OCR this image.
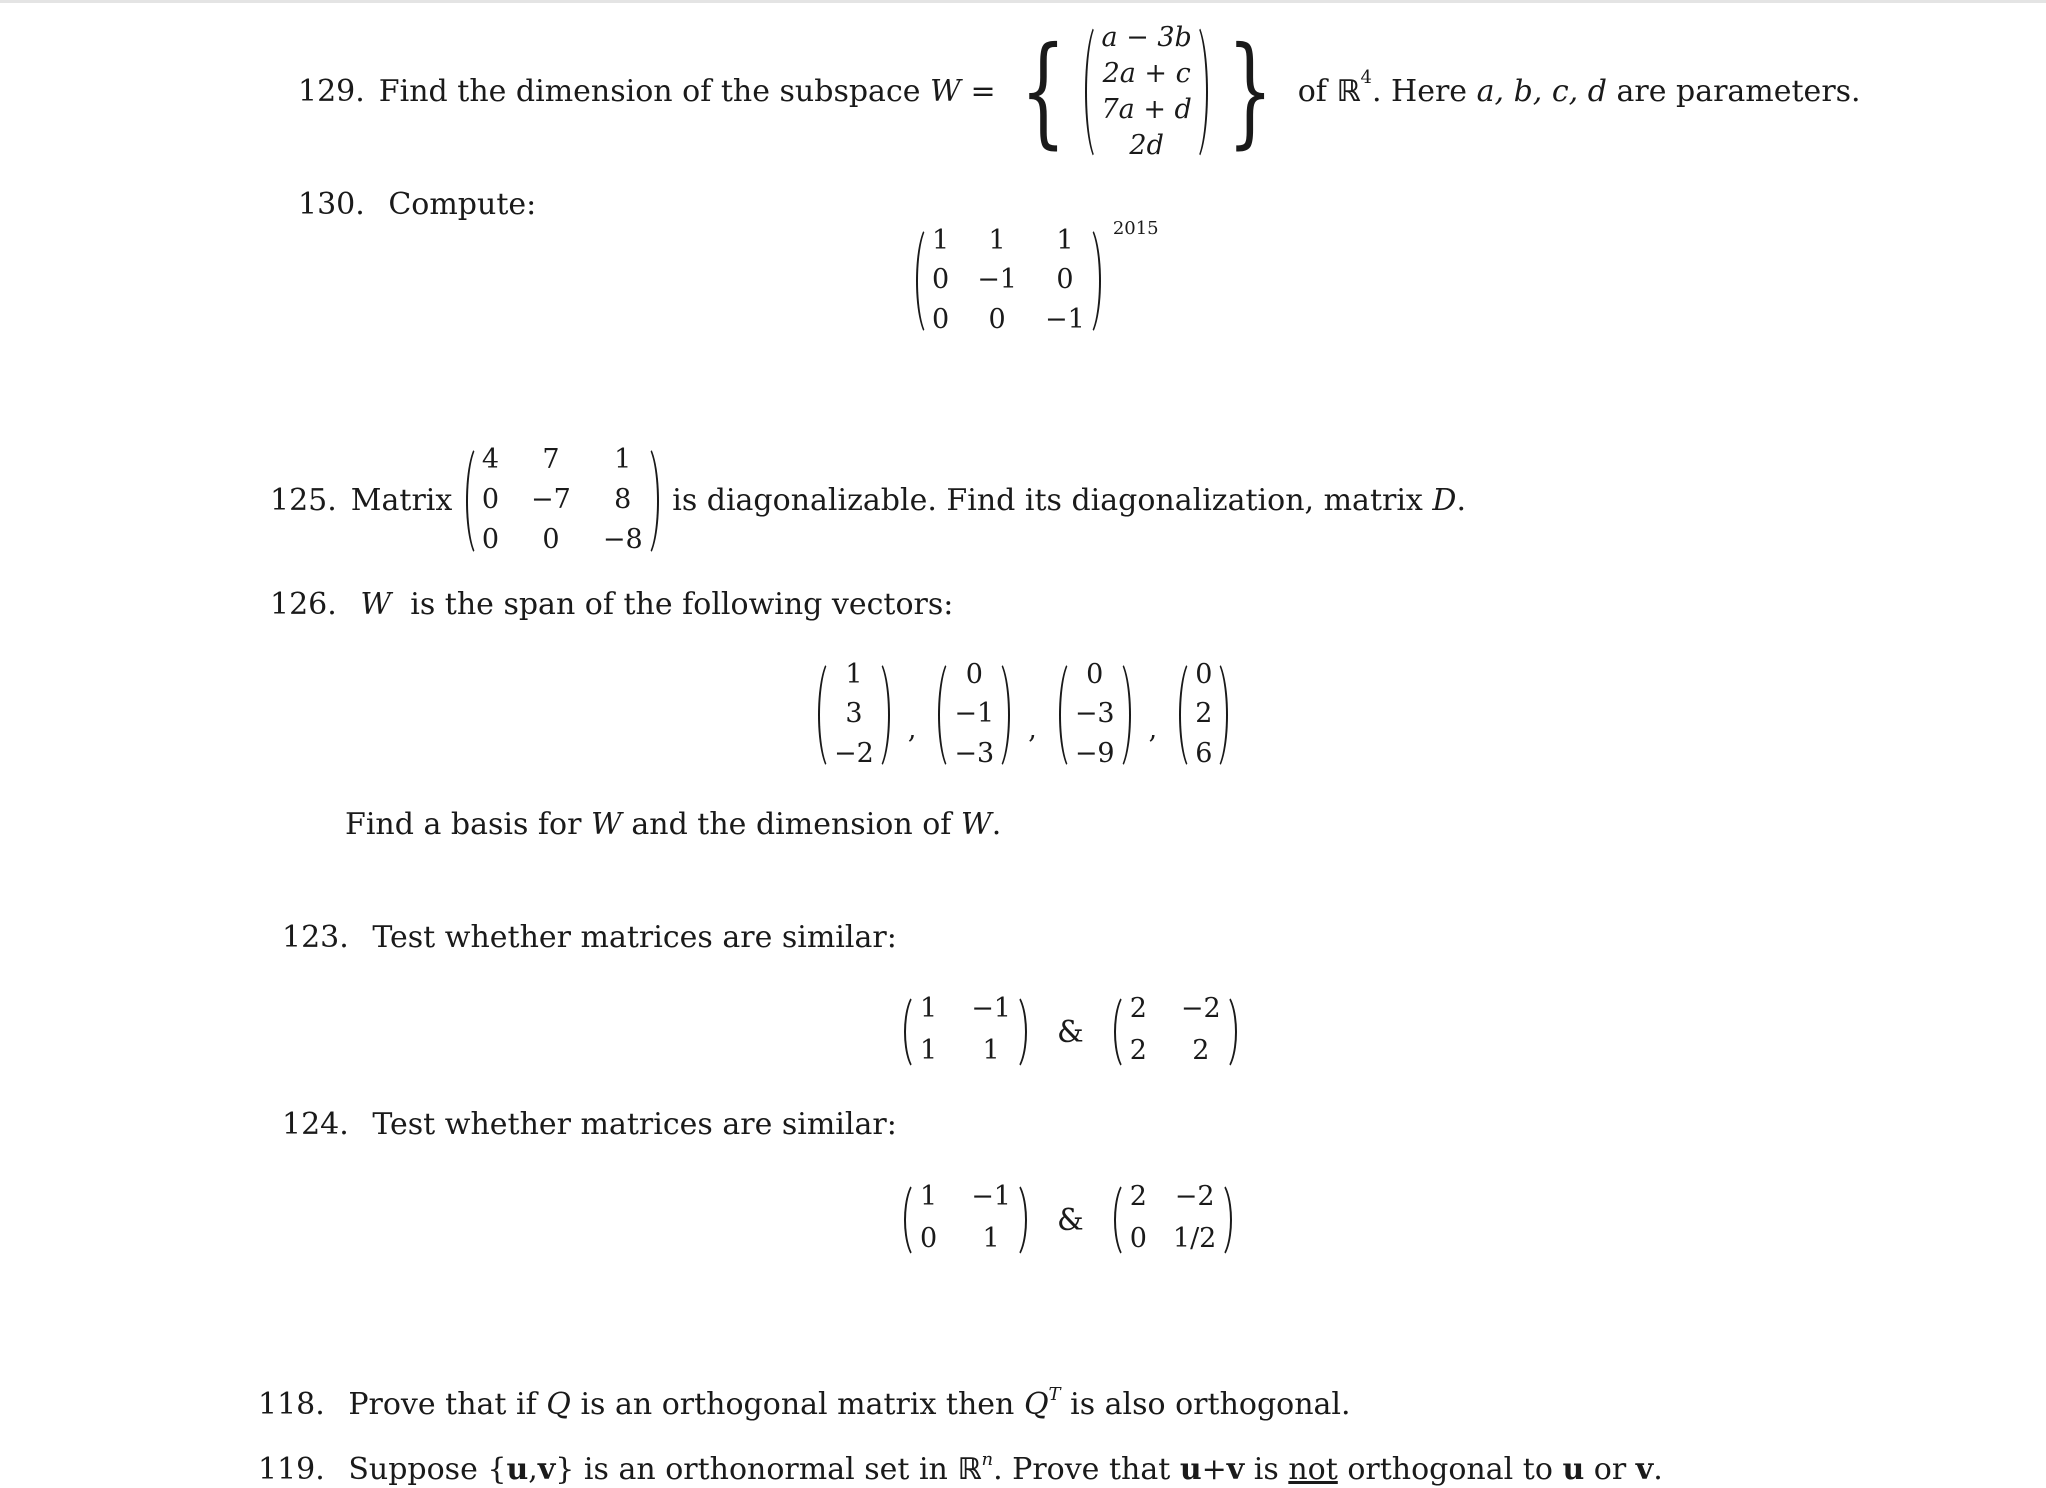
129. Find the dimension of the subspace
W
=
{ a − 3b
2a + c
7a + d
2d }
of
ℝ 4 . Here
a, b, c, d
are parameters.
130. Compute:
1	1	1
0 −1	0
0	0	−1
2015
125. Matrix

4	7	1
0 −7	8
0	0	−8

is diagonalizable. Find its diagonalization, matrix
D .
126. W is the span of the following vectors:
1
3
−2
,
0
−1
−3
,
0
−3
−9
,
0
2
6
Find a basis for W and the dimension of W.
123. Test whether matrices are similar:
1 −1
1	1
&
2 −2
2	2
124. Test whether matrices are similar:
1 −1
0	1
&
2 −2
0 1/2
118. Prove that if Q is an orthogonal matrix then $Q^T$ is also orthogonal.
119. Suppose {u,v} is an orthonormal set in ℝ$^n$. Prove that u+v is not orthogonal to u or v.
